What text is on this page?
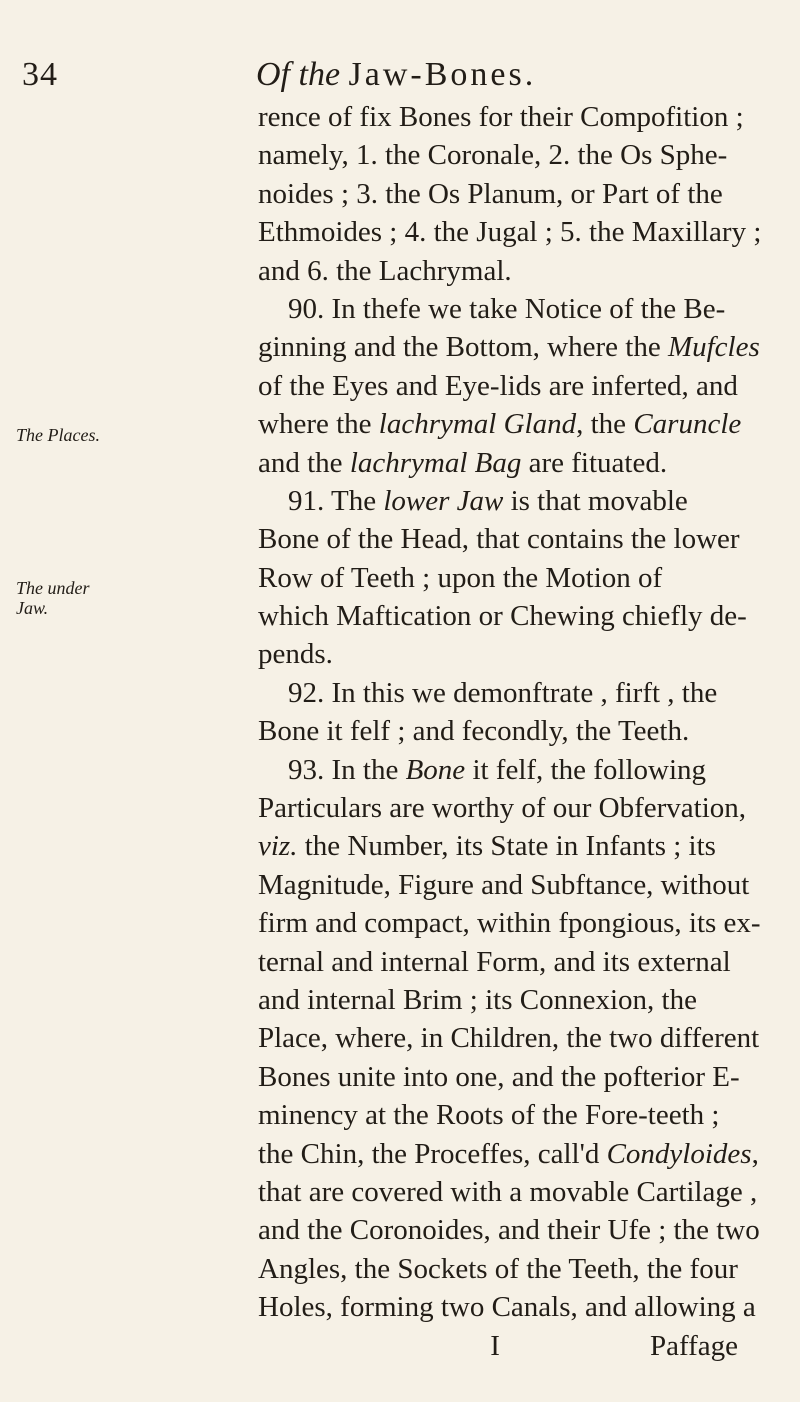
34	Of the Jaw-Bones.
The Places.
The under
Jaw.
rence of fix Bones for their Compofition ;
namely, 1. the Coronale, 2. the Os Sphe-
noides ; 3. the Os Planum, or Part of the
Ethmoides ; 4. the Jugal ; 5. the Maxillary ;
and 6. the Lachrymal.
90. In thefe we take Notice of the Be-
ginning and the Bottom, where the Mufcles
of the Eyes and Eye-lids are inferted, and
where the lachrymal Gland , the Caruncle
and the lachrymal Bag are fituated.
91. The lower Jaw is that movable
Bone of the Head, that contains the lower
Row of Teeth ; upon the Motion of
which Maftication or Chewing chiefly de-
pends.
92. In this we demonftrate , firft , the
Bone it felf ; and fecondly, the Teeth.
93. In the Bone it felf, the following
Particulars are worthy of our Obfervation,
viz. the Number, its State in Infants ; its
Magnitude, Figure and Subftance, without
firm and compact, within fpongious, its ex-
ternal and internal Form, and its external
and internal Brim ; its Connexion, the
Place, where, in Children, the two different
Bones unite into one, and the pofterior E-
minency at the Roots of the Fore-teeth ;
the Chin, the Proceffes, call'd Condyloides ,
that are covered with a movable Cartilage ,
and the Coronoides, and their Ufe ; the two
Angles, the Sockets of the Teeth, the four
Holes, forming two Canals, and allowing a
I	Paffage
